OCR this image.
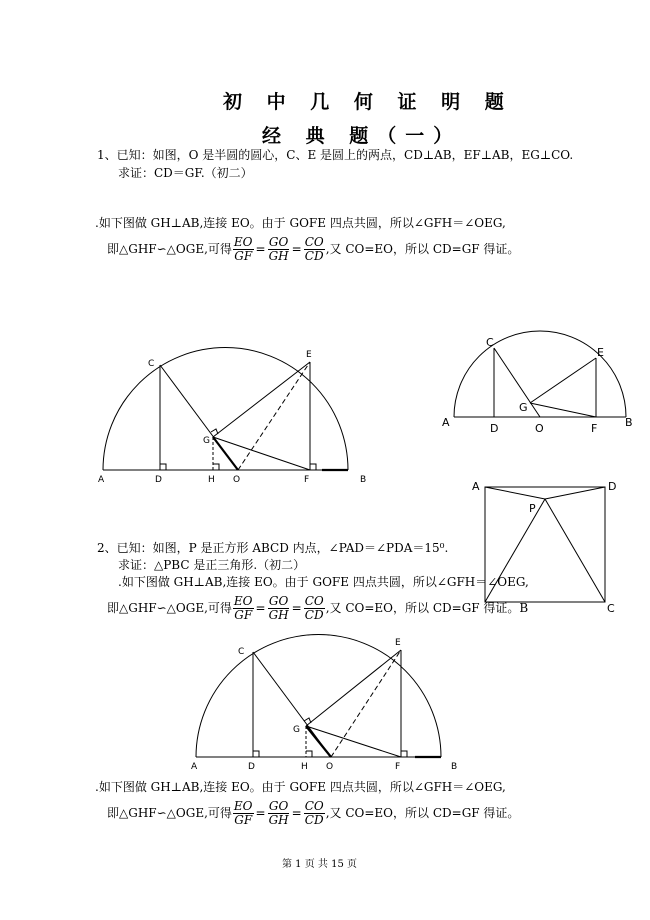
初 中 几 何 证 明 题
经 典 题（一）
1、已知：如图，O 是半圆的圆心，C、E 是圆上的两点，CD⊥AB，EF⊥AB，EG⊥CO.
求证：CD＝GF.（初二）
.如下图做 GH⊥AB,连接 EO。由于 GOFE 四点共圆，所以∠GFH＝∠OEG,
即△GHF∽△OGE,可得 $\frac{EO}{GF} = \frac{GO}{GH} = \frac{CO}{CD}$ ,又 CO=EO，所以 CD=GF 得证。
A	D	H O	F	B
C
E
G
A	D	O	F	B
C
E
G
A	D
C
P
2、已知：如图，P 是正方形 ABCD 内点，∠PAD＝∠PDA＝15⁰.
求证：△PBC 是正三角形.（初二）
.如下图做 GH⊥AB,连接 EO。由于 GOFE 四点共圆，所以∠GFH＝∠OEG,
即△GHF∽△OGE,可得 $\frac{EO}{GF} = \frac{GO}{GH} = \frac{CO}{CD}$ ,又 CO=EO，所以 CD=GF 得证。B
A	D	H O	F	B
C
E
G
.如下图做 GH⊥AB,连接 EO。由于 GOFE 四点共圆，所以∠GFH＝∠OEG,
即△GHF∽△OGE,可得 $\frac{EO}{GF} = \frac{GO}{GH} = \frac{CO}{CD}$ ,又 CO=EO，所以 CD=GF 得证。
第 1 页 共 15 页
